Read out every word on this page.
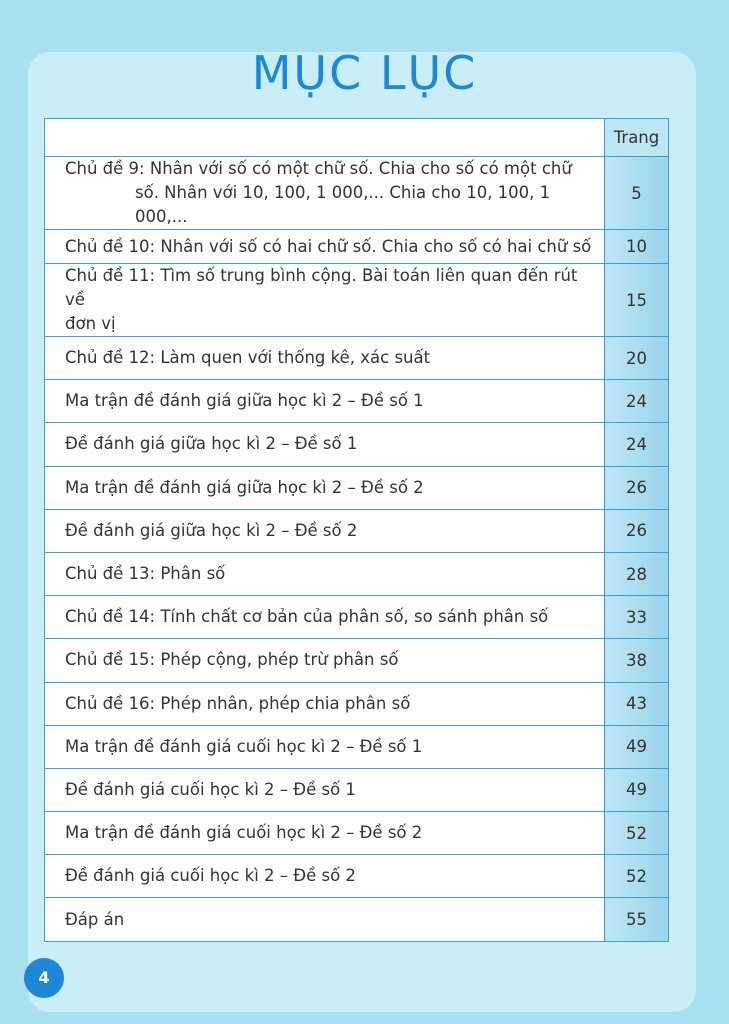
MỤC LỤC
	Trang
Chủ đề 9: Nhân với số có một chữ số. Chia cho số có một chữ
số. Nhân với 10, 100, 1 000,... Chia cho 10, 100, 1 000,...	5
Chủ đề 10: Nhân với số có hai chữ số. Chia cho số có hai chữ số	10
Chủ đề 11: Tìm số trung bình cộng. Bài toán liên quan đến rút về
đơn vị	15
Chủ đề 12: Làm quen với thống kê, xác suất	20
Ma trận đề đánh giá giữa học kì 2 – Đề số 1	24
Đề đánh giá giữa học kì 2 – Đề số 1	24
Ma trận đề đánh giá giữa học kì 2 – Đề số 2	26
Đề đánh giá giữa học kì 2 – Đề số 2	26
Chủ đề 13: Phân số	28
Chủ đề 14: Tính chất cơ bản của phân số, so sánh phân số	33
Chủ đề 15: Phép cộng, phép trừ phân số	38
Chủ đề 16: Phép nhân, phép chia phân số	43
Ma trận đề đánh giá cuối học kì 2 – Đề số 1	49
Đề đánh giá cuối học kì 2 – Đề số 1	49
Ma trận đề đánh giá cuối học kì 2 – Đề số 2	52
Đề đánh giá cuối học kì 2 – Đề số 2	52
Đáp án	55
4
